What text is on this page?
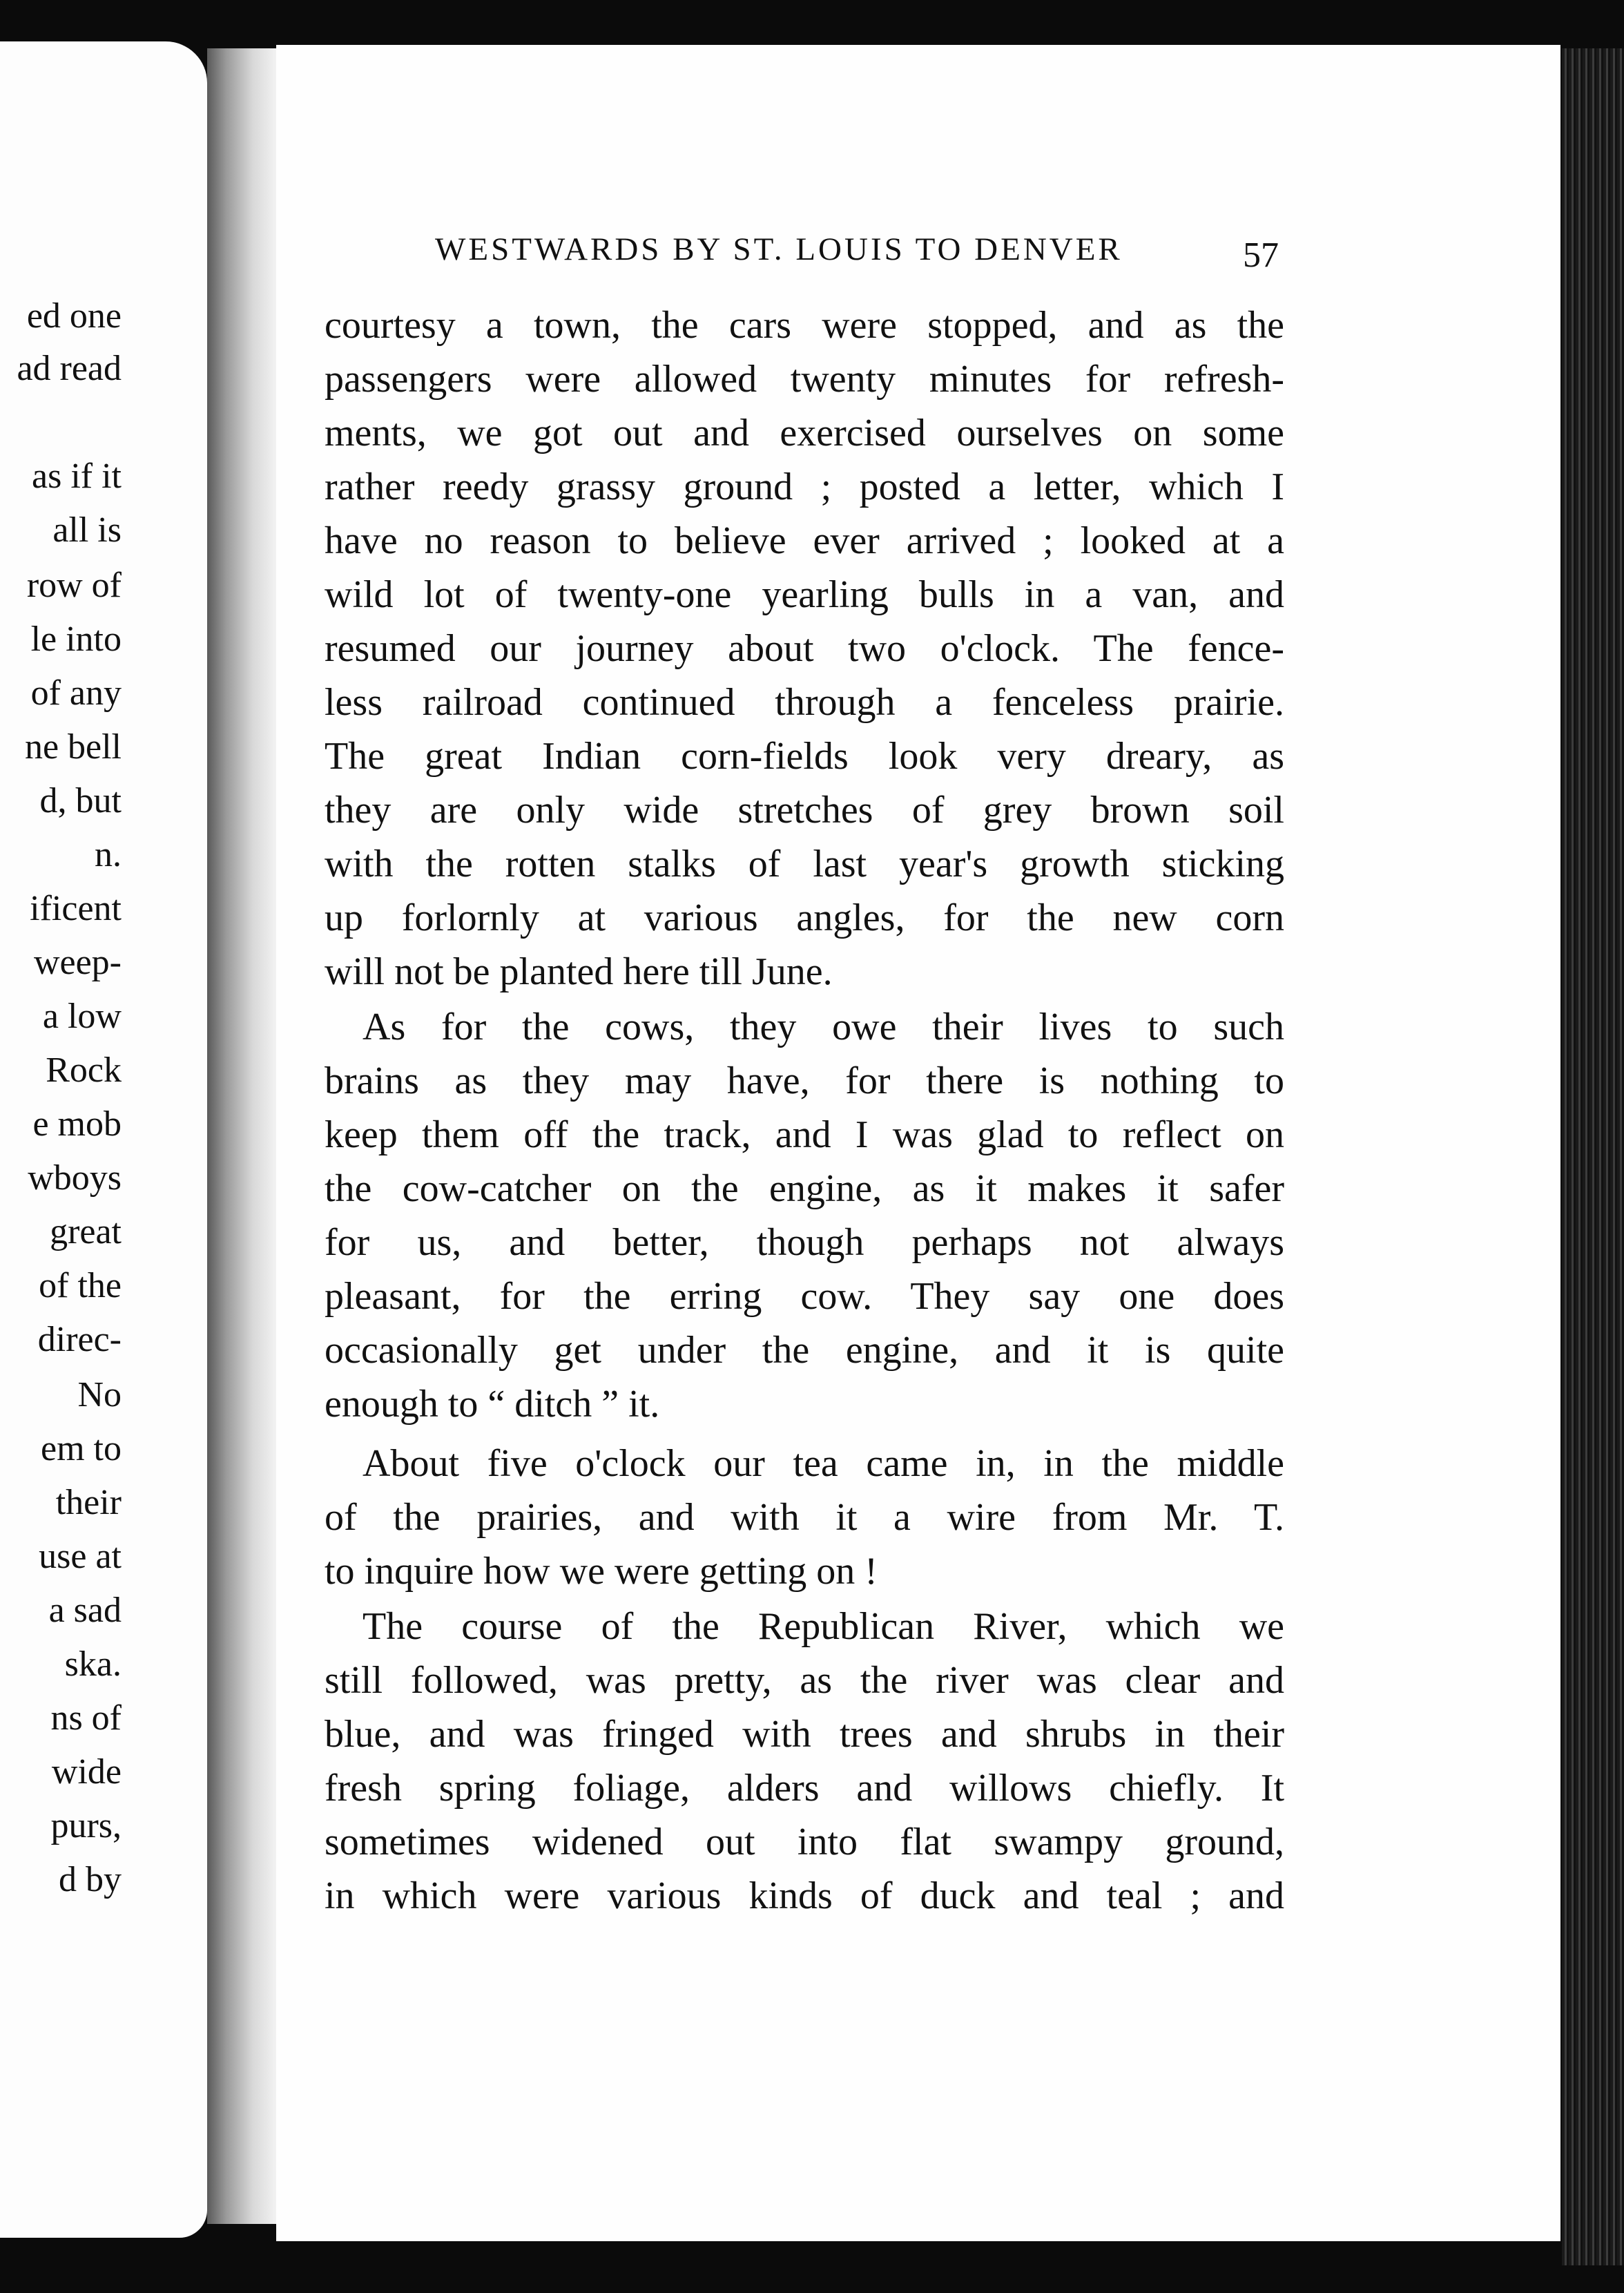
ed one
ad read
as if it
all is
row of
le into
of any
ne bell
d, but
n.
ificent
weep-
a low
Rock
e mob
wboys
great
of the
direc-
No
em to
their
use at
a sad
ska.
ns of
wide
purs,
d by
WESTWARDS BY ST. LOUIS TO DENVER	57
courtesy a town, the cars were stopped, and as the
passengers were allowed twenty minutes for refresh-
ments, we got out and exercised ourselves on some
rather reedy grassy ground ; posted a letter, which I
have no reason to believe ever arrived ; looked at a
wild lot of twenty-one yearling bulls in a van, and
resumed our journey about two o'clock. The fence-
less railroad continued through a fenceless prairie.
The great Indian corn-fields look very dreary, as
they are only wide stretches of grey brown soil
with the rotten stalks of last year's growth sticking
up forlornly at various angles, for the new corn
will not be planted here till June.
As for the cows, they owe their lives to such
brains as they may have, for there is nothing to
keep them off the track, and I was glad to reflect on
the cow-catcher on the engine, as it makes it safer
for us, and better, though perhaps not always
pleasant, for the erring cow. They say one does
occasionally get under the engine, and it is quite
enough to “ ditch ” it.
About five o'clock our tea came in, in the middle
of the prairies, and with it a wire from Mr. T.
to inquire how we were getting on !
The course of the Republican River, which we
still followed, was pretty, as the river was clear and
blue, and was fringed with trees and shrubs in their
fresh spring foliage, alders and willows chiefly. It
sometimes widened out into flat swampy ground,
in which were various kinds of duck and teal ; and
